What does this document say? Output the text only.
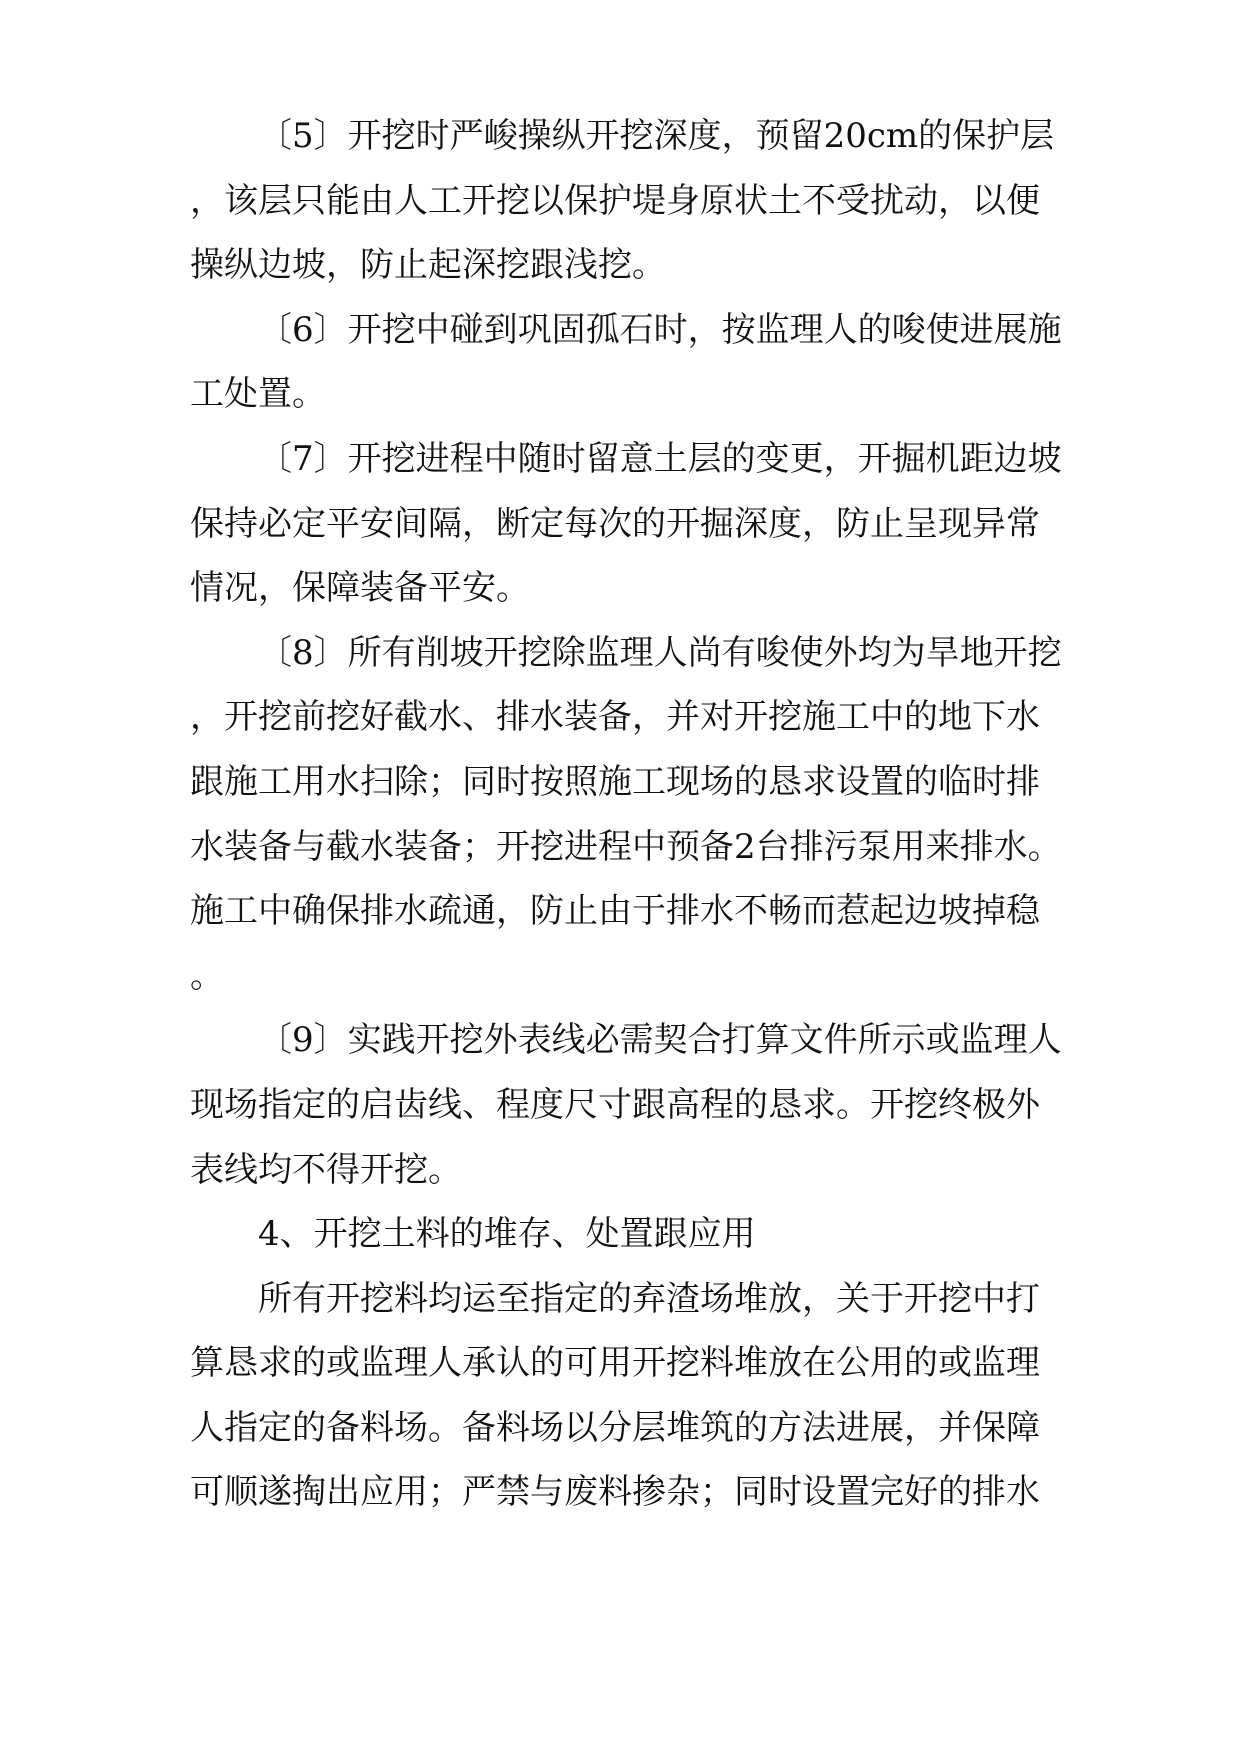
〔5〕开挖时严峻操纵开挖深度，预留20cm的保护层
，该层只能由人工开挖以保护堤身原状土不受扰动，以便
操纵边坡，防止起深挖跟浅挖。
〔6〕开挖中碰到巩固孤石时，按监理人的唆使进展施
工处置。
〔7〕开挖进程中随时留意土层的变更，开掘机距边坡
保持必定平安间隔，断定每次的开掘深度，防止呈现异常
情况，保障装备平安。
〔8〕所有削坡开挖除监理人尚有唆使外均为旱地开挖
，开挖前挖好截水、排水装备，并对开挖施工中的地下水
跟施工用水扫除；同时按照施工现场的恳求设置的临时排
水装备与截水装备；开挖进程中预备2台排污泵用来排水。
施工中确保排水疏通，防止由于排水不畅而惹起边坡掉稳
。
〔9〕实践开挖外表线必需契合打算文件所示或监理人
现场指定的启齿线、程度尺寸跟高程的恳求。开挖终极外
表线均不得开挖。
4、开挖土料的堆存、处置跟应用
所有开挖料均运至指定的弃渣场堆放，关于开挖中打
算恳求的或监理人承认的可用开挖料堆放在公用的或监理
人指定的备料场。备料场以分层堆筑的方法进展，并保障
可顺遂掏出应用；严禁与废料掺杂；同时设置完好的排水
